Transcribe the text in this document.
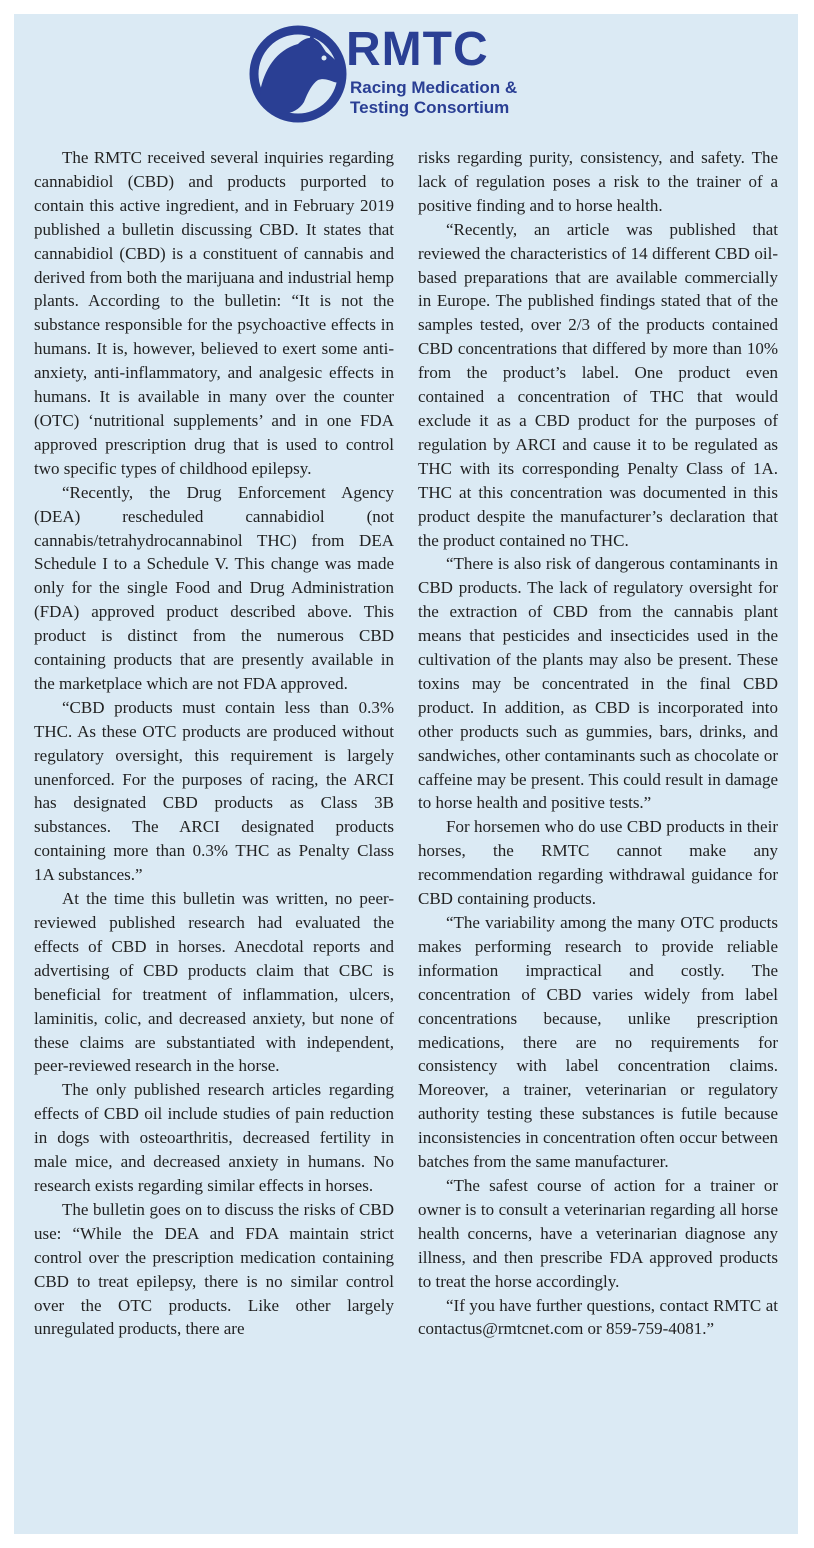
RMTC
Racing Medication &
Testing Consortium

The RMTC received several inquiries regarding cannabidiol (CBD) and products purported to contain this active ingredient, and in February 2019 published a bulletin discussing CBD. It states that cannabidiol (CBD) is a constituent of cannabis and derived from both the marijuana and industrial hemp plants. According to the bulletin: “It is not the substance responsible for the psychoactive effects in humans. It is, however, believed to exert some anti-anxiety, anti-inflammatory, and analgesic effects in humans. It is available in many over the counter (OTC) ‘nutritional supplements’ and in one FDA approved prescription drug that is used to control two specific types of childhood epilepsy.

“Recently, the Drug Enforcement Agency (DEA) rescheduled cannabidiol (not cannabis/tetrahydrocannabinol THC) from DEA Schedule I to a Schedule V. This change was made only for the single Food and Drug Administration (FDA) approved product described above. This product is distinct from the numerous CBD containing products that are presently available in the marketplace which are not FDA approved.

“CBD products must contain less than 0.3% THC. As these OTC products are produced without regulatory oversight, this requirement is largely unenforced. For the purposes of racing, the ARCI has designated CBD products as Class 3B substances. The ARCI designated products containing more than 0.3% THC as Penalty Class 1A substances.”

At the time this bulletin was written, no peer-reviewed published research had evaluated the effects of CBD in horses. Anecdotal reports and advertising of CBD products claim that CBC is beneficial for treatment of inflammation, ulcers, laminitis, colic, and decreased anxiety, but none of these claims are substantiated with independent, peer-reviewed research in the horse.

The only published research articles regarding effects of CBD oil include studies of pain reduction in dogs with osteoarthritis, decreased fertility in male mice, and decreased anxiety in humans. No research exists regarding similar effects in horses.

The bulletin goes on to discuss the risks of CBD use: “While the DEA and FDA maintain strict control over the prescription medication containing CBD to treat epilepsy, there is no similar control over the OTC products. Like other largely unregulated products, there are

risks regarding purity, consistency, and safety. The lack of regulation poses a risk to the trainer of a positive finding and to horse health.

“Recently, an article was published that reviewed the characteristics of 14 different CBD oil-based preparations that are available commercially in Europe. The published findings stated that of the samples tested, over 2/3 of the products contained CBD concentrations that differed by more than 10% from the product’s label. One product even contained a concentration of THC that would exclude it as a CBD product for the purposes of regulation by ARCI and cause it to be regulated as THC with its corresponding Penalty Class of 1A. THC at this concentration was documented in this product despite the manufacturer’s declaration that the product contained no THC.

“There is also risk of dangerous contaminants in CBD products. The lack of regulatory oversight for the extraction of CBD from the cannabis plant means that pesticides and insecticides used in the cultivation of the plants may also be present. These toxins may be concentrated in the final CBD product. In addition, as CBD is incorporated into other products such as gummies, bars, drinks, and sandwiches, other contaminants such as chocolate or caffeine may be present. This could result in damage to horse health and positive tests.”

For horsemen who do use CBD products in their horses, the RMTC cannot make any recommendation regarding withdrawal guidance for CBD containing products.

“The variability among the many OTC products makes performing research to provide reliable information impractical and costly. The concentration of CBD varies widely from label concentrations because, unlike prescription medications, there are no requirements for consistency with label concentration claims. Moreover, a trainer, veterinarian or regulatory authority testing these substances is futile because inconsistencies in concentration often occur between batches from the same manufacturer.

“The safest course of action for a trainer or owner is to consult a veterinarian regarding all horse health concerns, have a veterinarian diagnose any illness, and then prescribe FDA approved products to treat the horse accordingly.

“If you have further questions, contact RMTC at contactus@rmtcnet.com or 859-759-4081.”
